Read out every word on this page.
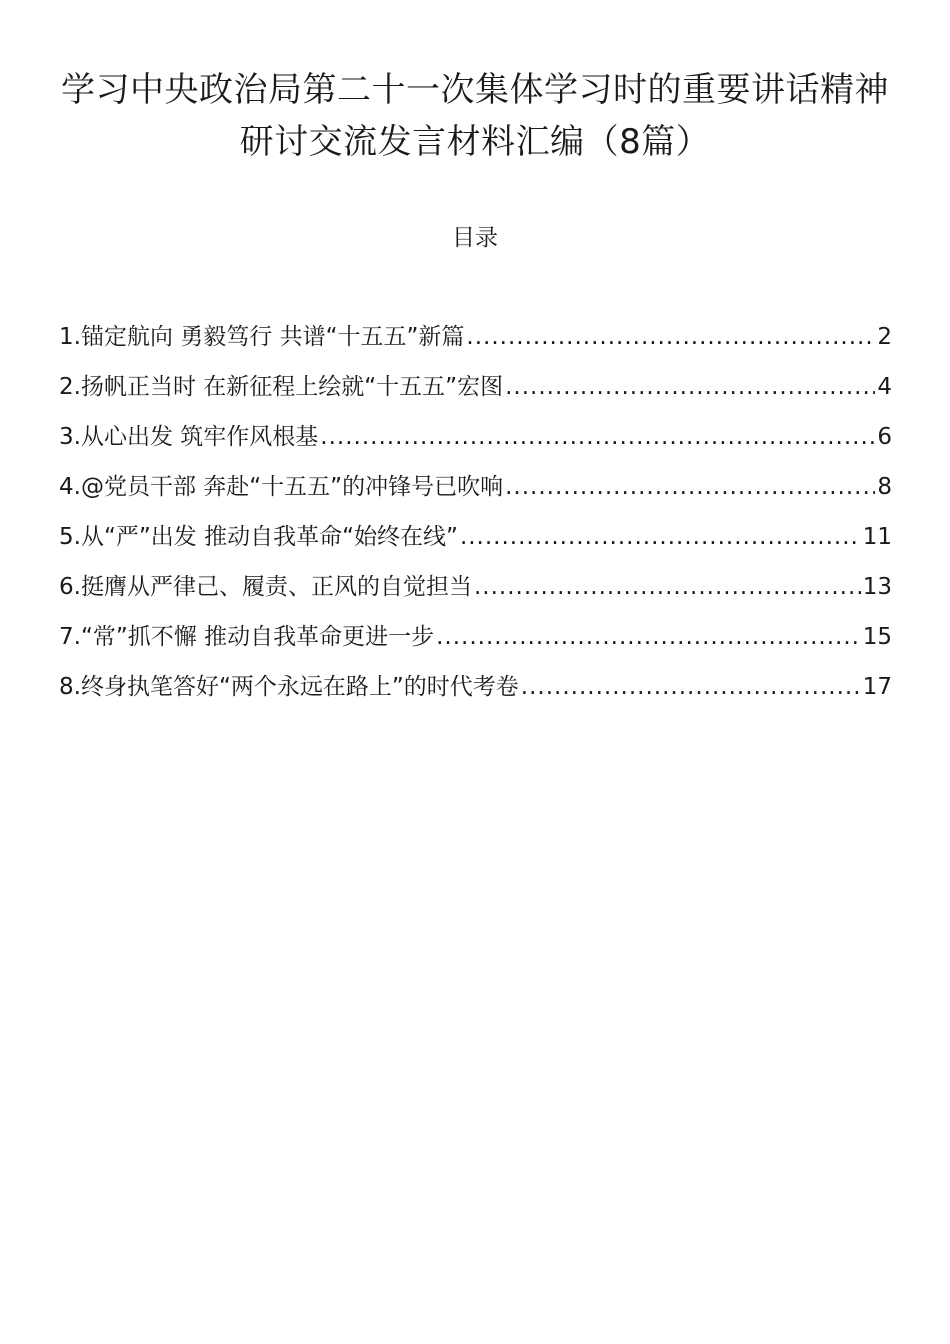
学习中央政治局第二十一次集体学习时的重要讲话精神研讨交流发言材料汇编（8篇）
目录
1. 锚定航向 勇毅笃行 共谱“十五五”新篇 .....	2
2. 扬帆正当时 在新征程上绘就“十五五”宏图 .....	4
3. 从心出发 筑牢作风根基 .....	6
4. @党员干部 奔赴“十五五”的冲锋号已吹响 .....	8
5. 从“严”出发 推动自我革命“始终在线” .....	11
6. 挺膺从严律己、履责、正风的自觉担当 .....	13
7. “常”抓不懈 推动自我革命更进一步 .....	15
8. 终身执笔答好“两个永远在路上”的时代考卷 .....	17
